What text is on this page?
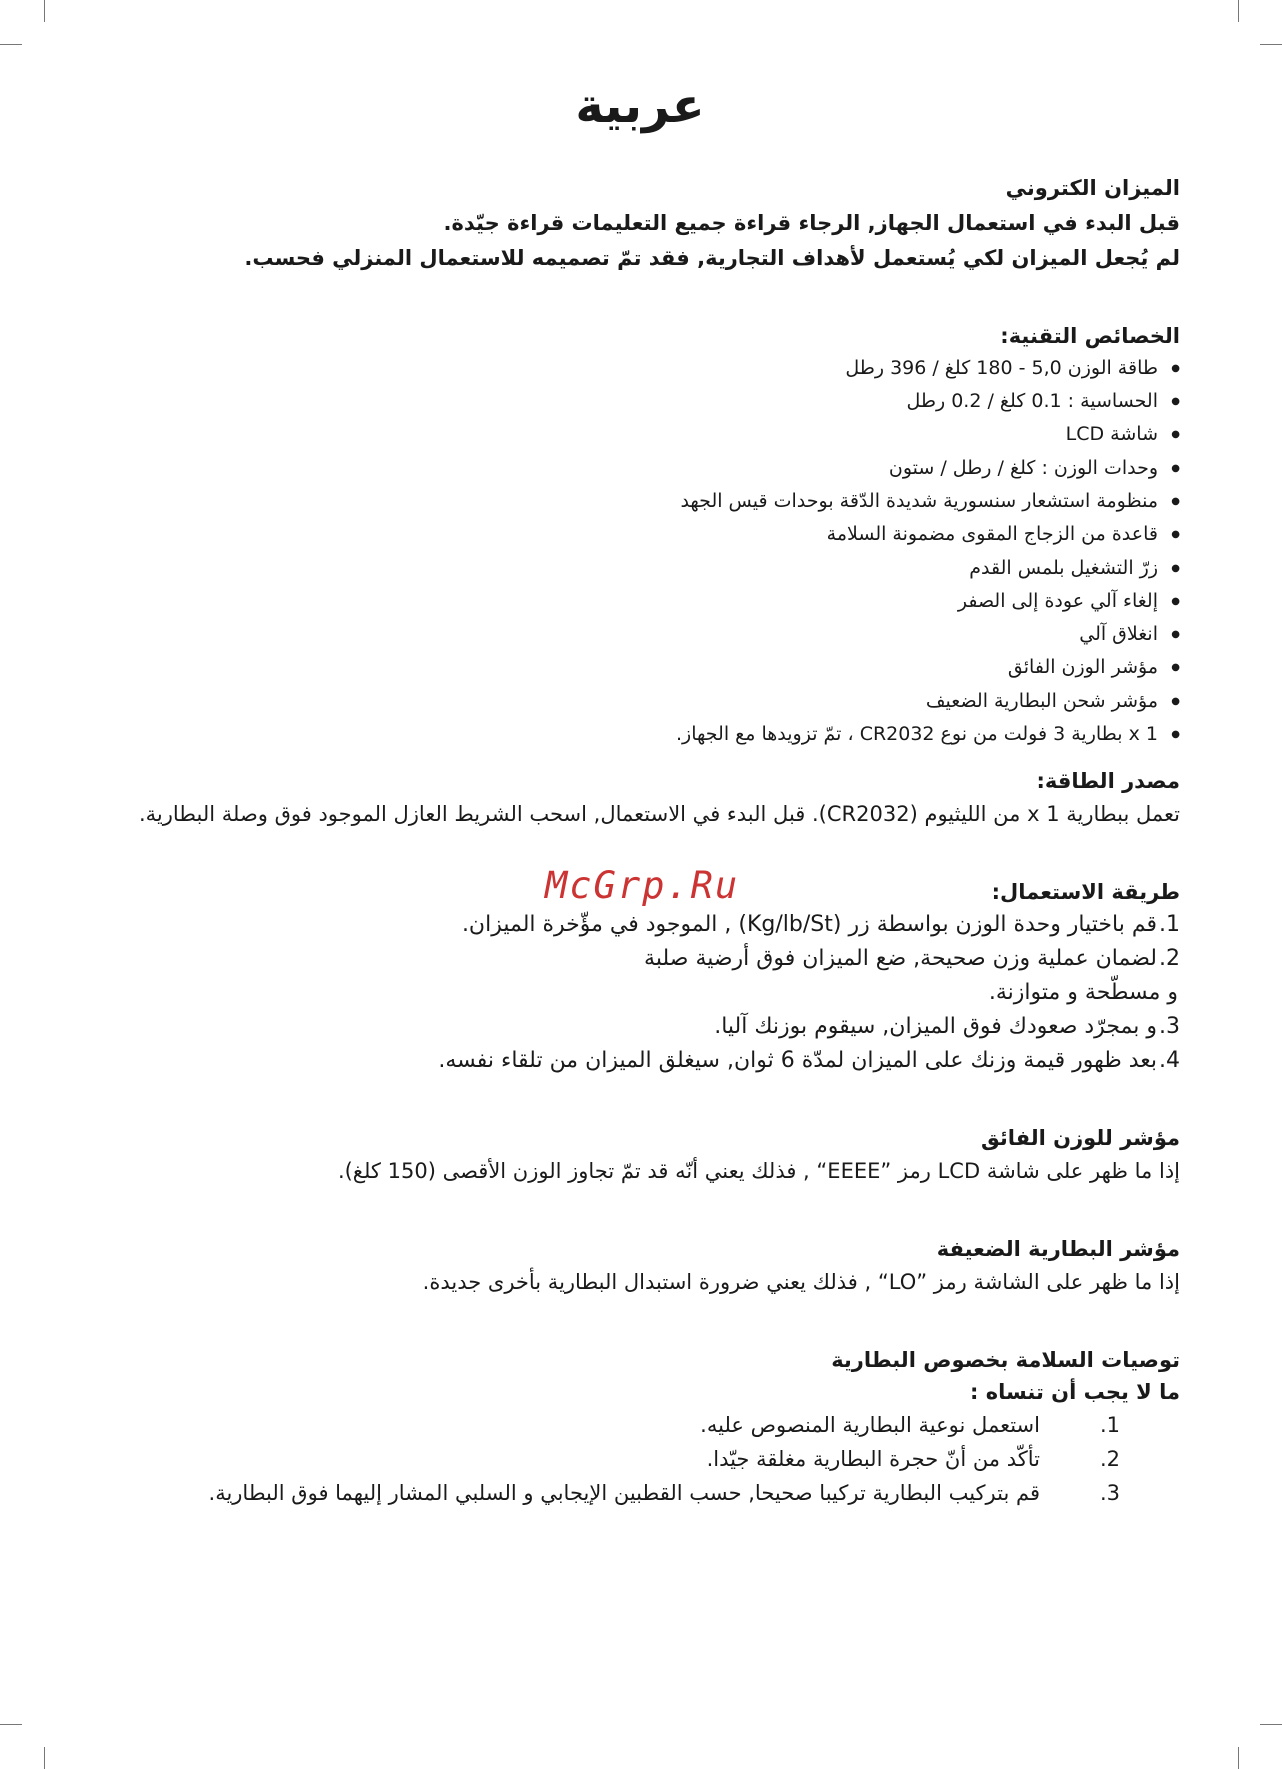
عربية

الميزان الكتروني

قبل البدء في استعمال الجهاز, الرجاء قراءة جميع التعليمات قراءة جيّدة.

لم يُجعل الميزان لكي يُستعمل لأهداف التجارية, فقد تمّ تصميمه للاستعمال المنزلي فحسب.

الخصائص التقنية:

● طاقة الوزن 5,0 - 180 كلغ / 396 رطل
● الحساسية : 0.1 كلغ / 0.2 رطل
● شاشة LCD
● وحدات الوزن : كلغ / رطل / ستون
● منظومة استشعار سنسورية شديدة الدّقة بوحدات قيس الجهد
● قاعدة من الزجاج المقوى مضمونة السلامة
● زرّ التشغيل بلمس القدم
● إلغاء آلي عودة إلى الصفر
● انغلاق آلي
● مؤشر الوزن الفائق
● مؤشر شحن البطارية الضعيف
● 1 x بطارية 3 فولت من نوع CR2032 ، تمّ تزويدها مع الجهاز.

مصدر الطاقة:

تعمل ببطارية 1 x من الليثيوم (CR2032). قبل البدء في الاستعمال, اسحب الشريط العازل الموجود فوق وصلة البطارية.

طريقة الاستعمال:

1.قم باختيار وحدة الوزن بواسطة زر (Kg/lb/St) , الموجود في مؤّخرة الميزان.
2.لضمان عملية وزن صحيحة, ضع الميزان فوق أرضية صلبة
و مسطّحة و متوازنة.
3.و بمجرّد صعودك فوق الميزان, سيقوم بوزنك آليا.
4.بعد ظهور قيمة وزنك على الميزان لمدّة 6 ثوان, سيغلق الميزان من تلقاء نفسه.

مؤشر للوزن الفائق

إذا ما ظهر على شاشة LCD رمز ”EEEE“ , فذلك يعني أنّه قد تمّ تجاوز الوزن الأقصى (150 كلغ).

مؤشر البطارية الضعيفة

إذا ما ظهر على الشاشة رمز ”LO“ , فذلك يعني ضرورة استبدال البطارية بأخرى جديدة.

توصيات السلامة بخصوص البطارية

ما لا يجب أن تنساه :

1.
استعمل نوعية البطارية المنصوص عليه.
2.
تأكّد من أنّ حجرة البطارية مغلقة جيّدا.
3.
قم بتركيب البطارية تركيبا صحيحا, حسب القطبين الإيجابي و السلبي المشار إليهما فوق البطارية.
McGrp.Ru
